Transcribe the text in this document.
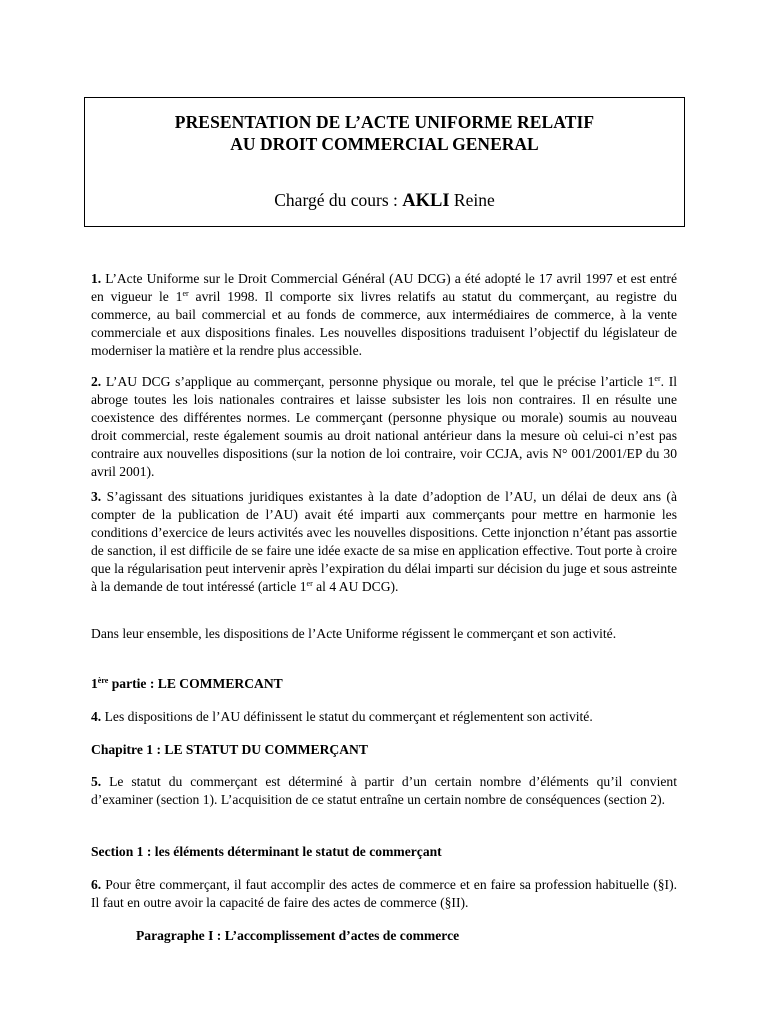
PRESENTATION DE L’ACTE UNIFORME RELATIF
AU DROIT COMMERCIAL GENERAL
Chargé du cours : AKLI Reine

1. L’Acte Uniforme sur le Droit Commercial Général (AU DCG) a été adopté le 17 avril 1997 et est entré en vigueur le 1er avril 1998. Il comporte six livres relatifs au statut du commerçant, au registre du commerce, au bail commercial et au fonds de commerce, aux intermédiaires de commerce, à la vente commerciale et aux dispositions finales. Les nouvelles dispositions traduisent l’objectif du législateur de moderniser la matière et la rendre plus accessible.

2. L’AU DCG s’applique au commerçant, personne physique ou morale, tel que le précise l’article 1er. Il abroge toutes les lois nationales contraires et laisse subsister les lois non contraires. Il en résulte une coexistence des différentes normes. Le commerçant (personne physique ou morale) soumis au nouveau droit commercial, reste également soumis au droit national antérieur dans la mesure où celui-ci n’est pas contraire aux nouvelles dispositions (sur la notion de loi contraire, voir CCJA, avis N° 001/2001/EP du 30 avril 2001).

3. S’agissant des situations juridiques existantes à la date d’adoption de l’AU, un délai de deux ans (à compter de la publication de l’AU) avait été imparti aux commerçants pour mettre en harmonie les conditions d’exercice de leurs activités avec les nouvelles dispositions. Cette injonction n’étant pas assortie de sanction, il est difficile de se faire une idée exacte de sa mise en application effective. Tout porte à croire que la régularisation peut intervenir après l’expiration du délai imparti sur décision du juge et sous astreinte à la demande de tout intéressé (article 1er al 4 AU DCG).

Dans leur ensemble, les dispositions de l’Acte Uniforme régissent le commerçant et son activité.

1ère partie : LE COMMERCANT

4. Les dispositions de l’AU définissent le statut du commerçant et réglementent son activité.

Chapitre 1 : LE STATUT DU COMMERÇANT

5. Le statut du commerçant est déterminé à partir d’un certain nombre d’éléments qu’il convient d’examiner (section 1). L’acquisition de ce statut entraîne un certain nombre de conséquences (section 2).

Section 1 : les éléments déterminant le statut de commerçant

6. Pour être commerçant, il faut accomplir des actes de commerce et en faire sa profession habituelle (§I). Il faut en outre avoir la capacité de faire des actes de commerce (§II).

Paragraphe I : L’accomplissement d’actes de commerce
